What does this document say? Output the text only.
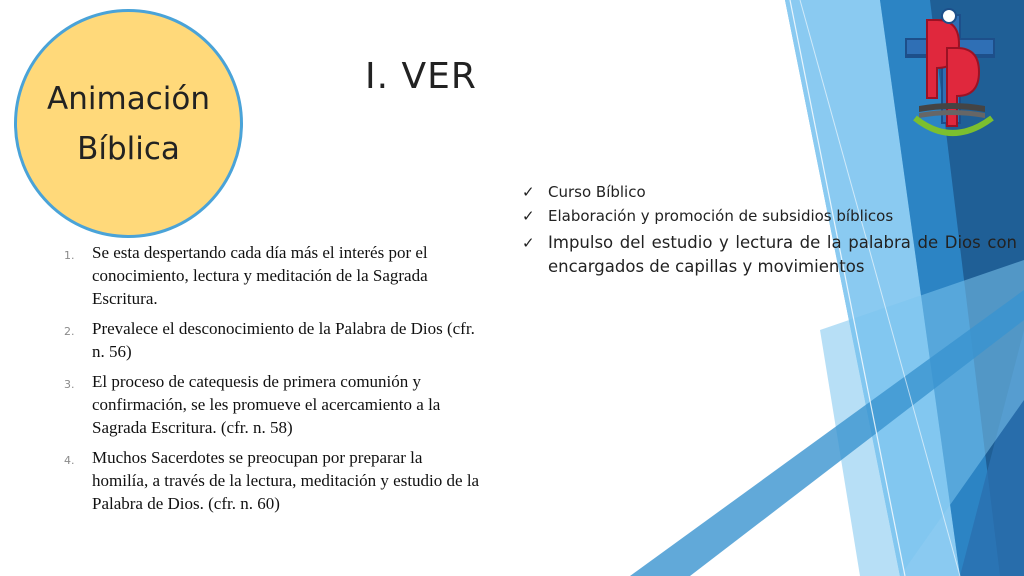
Animación
Bíblica
I. VER
1. Se esta despertando cada día más el interés por el conocimiento, lectura y meditación de la Sagrada Escritura.
2. Prevalece el desconocimiento de la Palabra de Dios (cfr. n. 56)
3. El proceso de catequesis de primera comunión y confirmación, se les promueve el acercamiento a la Sagrada Escritura. (cfr. n. 58)
4. Muchos Sacerdotes se preocupan por preparar la homilía, a través de la lectura, meditación y estudio de la Palabra de Dios. (cfr. n. 60)
✓ Curso Bíblico
✓ Elaboración y promoción de subsidios bíblicos
✓ Impulso del estudio y lectura de la palabra de Dios con encargados de capillas y movimientos
